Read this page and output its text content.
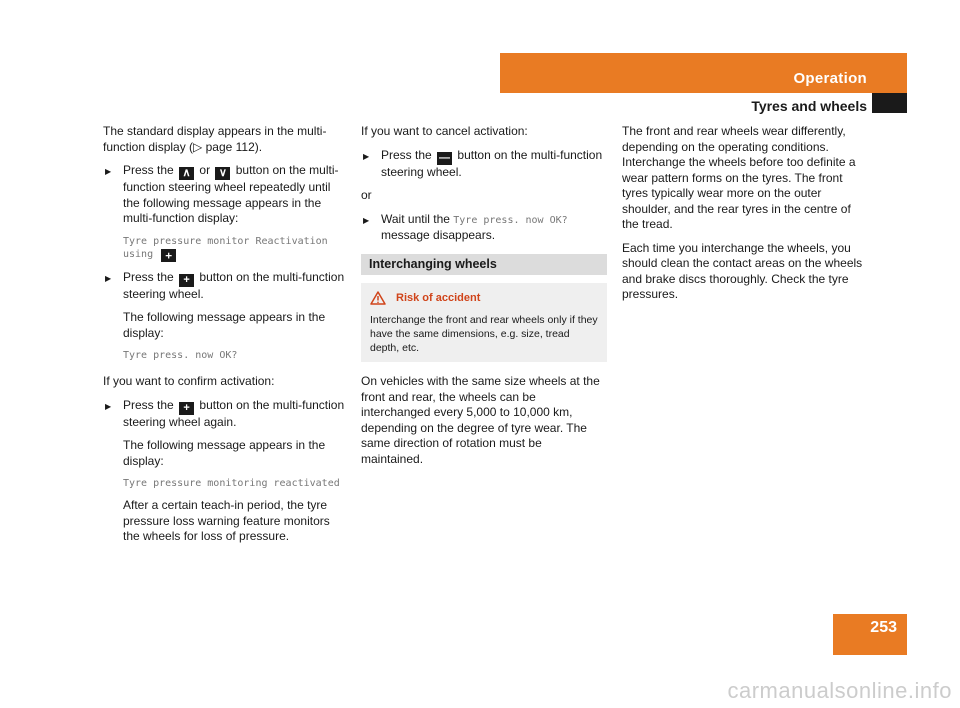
Operation
Tyres and wheels

The standard display appears in the multi-function display (▷ page 112).

▶ Press the ∧ or ∨ button on the multi-function steering wheel repeatedly until the following message appears in the multi-function display:
Tyre pressure monitor Reactivation using +
▶ Press the + button on the multi-function steering wheel.

The following message appears in the display:

Tyre press. now OK?

If you want to confirm activation:

▶ Press the + button on the multi-function steering wheel again.

The following message appears in the display:

Tyre pressure monitoring reactivated

After a certain teach-in period, the tyre pressure loss warning feature monitors the wheels for loss of pressure.

If you want to cancel activation:

▶ Press the — button on the multi-function steering wheel.

or

▶ Wait until the Tyre press. now OK? message disappears.
Interchanging wheels
Risk of accident
Interchange the front and rear wheels only if they have the same dimensions, e.g. size, tread depth, etc.

On vehicles with the same size wheels at the front and rear, the wheels can be interchanged every 5,000 to 10,000 km, depending on the degree of tyre wear. The same direction of rotation must be maintained.

The front and rear wheels wear differently, depending on the operating conditions. Interchange the wheels before too definite a wear pattern forms on the tyres. The front tyres typically wear more on the outer shoulder, and the rear tyres in the centre of the tread.

Each time you interchange the wheels, you should clean the contact areas on the wheels and brake discs thoroughly. Check the tyre pressures.

253
carmanualsonline.info
